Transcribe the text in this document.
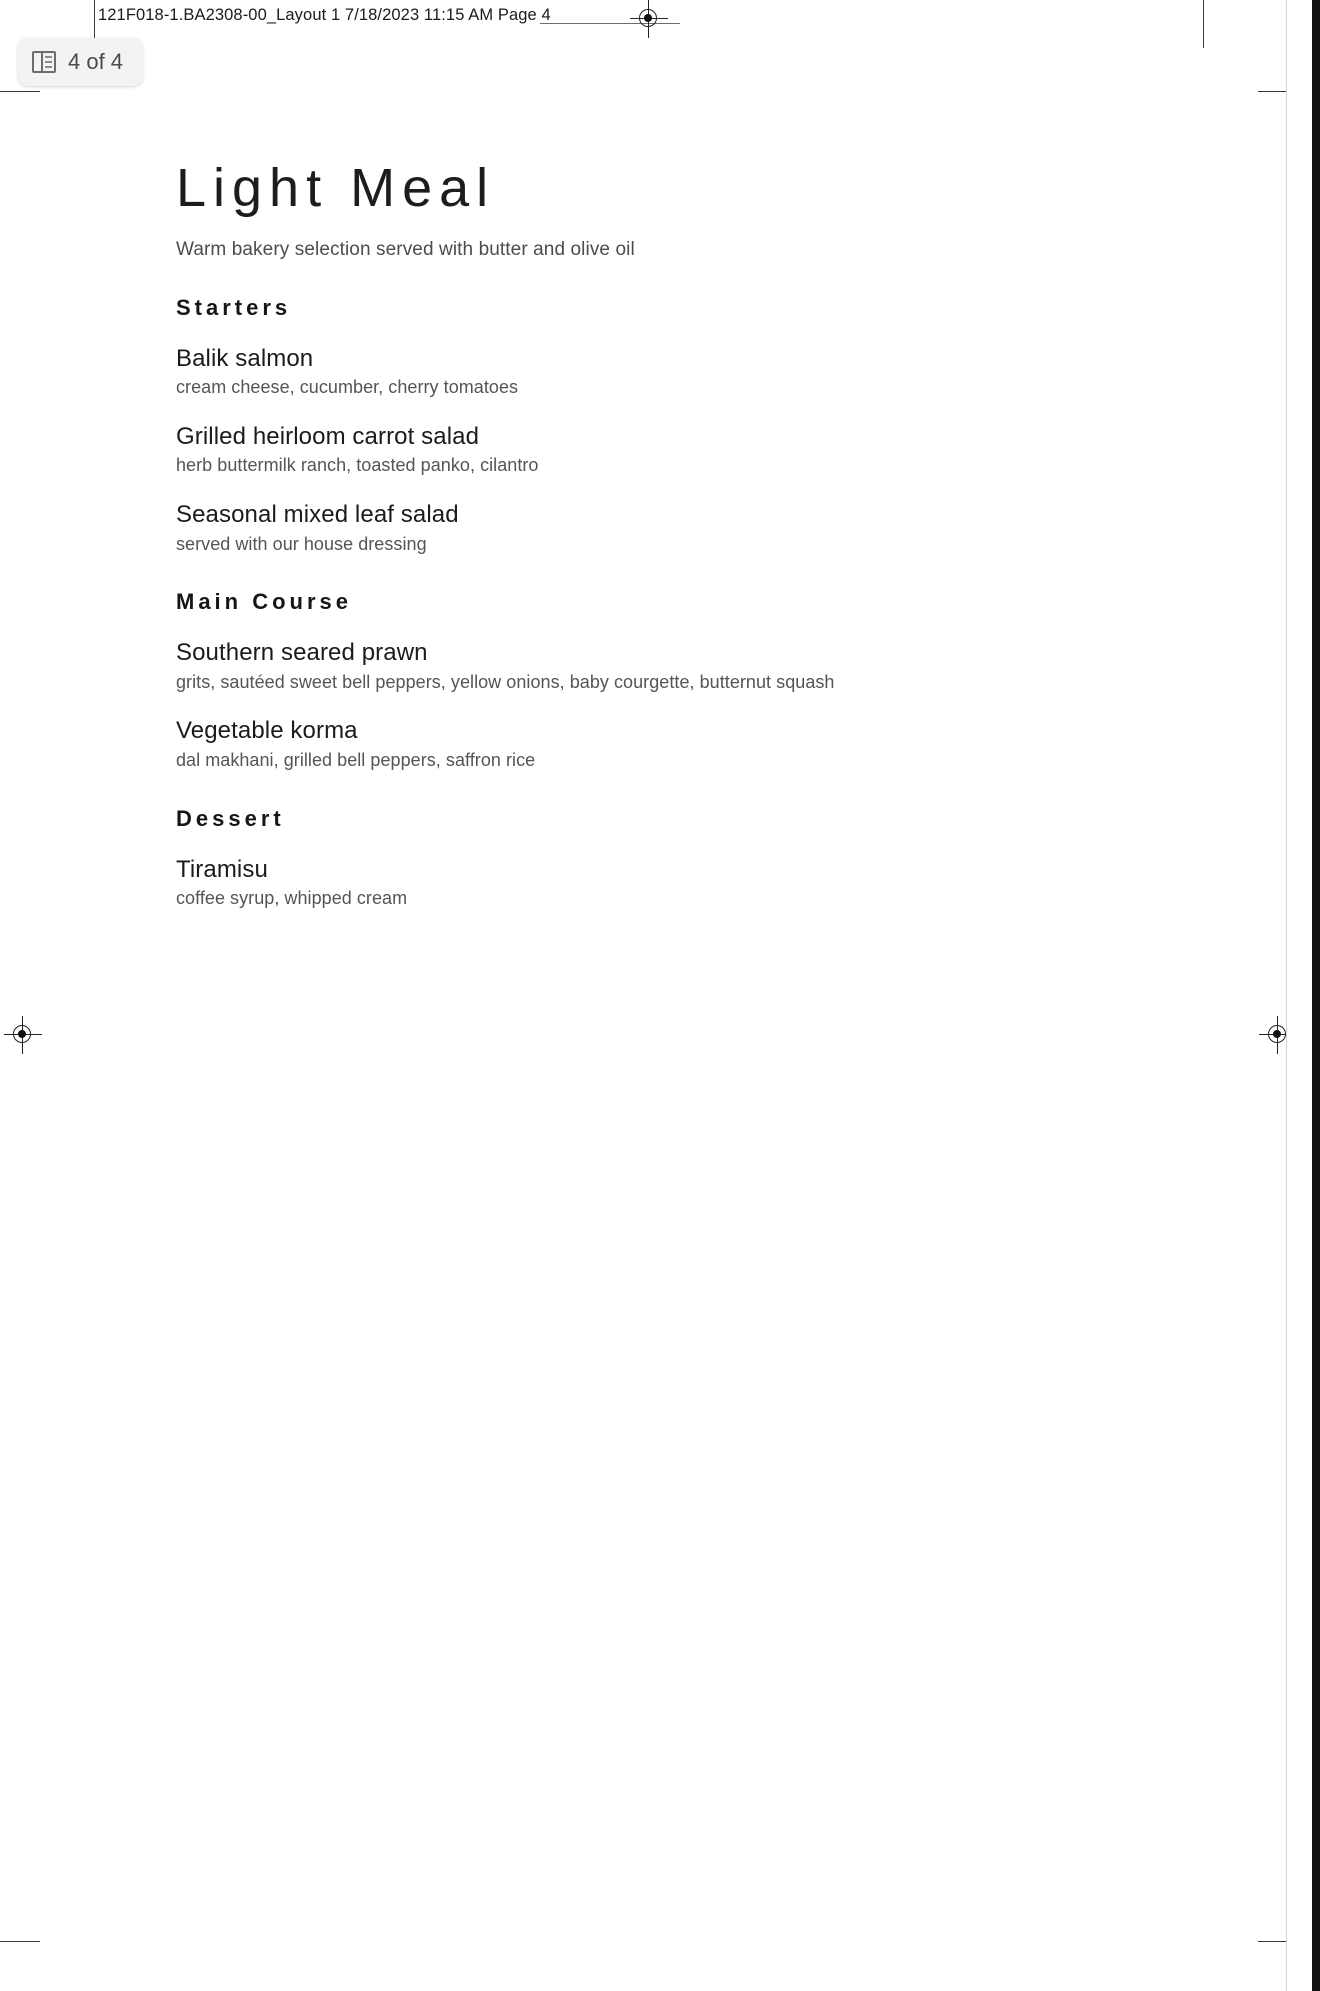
121F018-1.BA2308-00_Layout 1 7/18/2023 11:15 AM Page 4
Light Meal
Warm bakery selection served with butter and olive oil
Starters
Balik salmon
cream cheese, cucumber, cherry tomatoes
Grilled heirloom carrot salad
herb buttermilk ranch, toasted panko, cilantro
Seasonal mixed leaf salad
served with our house dressing
Main Course
Southern seared prawn
grits, sautéed sweet bell peppers, yellow onions, baby courgette, butternut squash
Vegetable korma
dal makhani, grilled bell peppers, saffron rice
Dessert
Tiramisu
coffee syrup, whipped cream
4 of 4
